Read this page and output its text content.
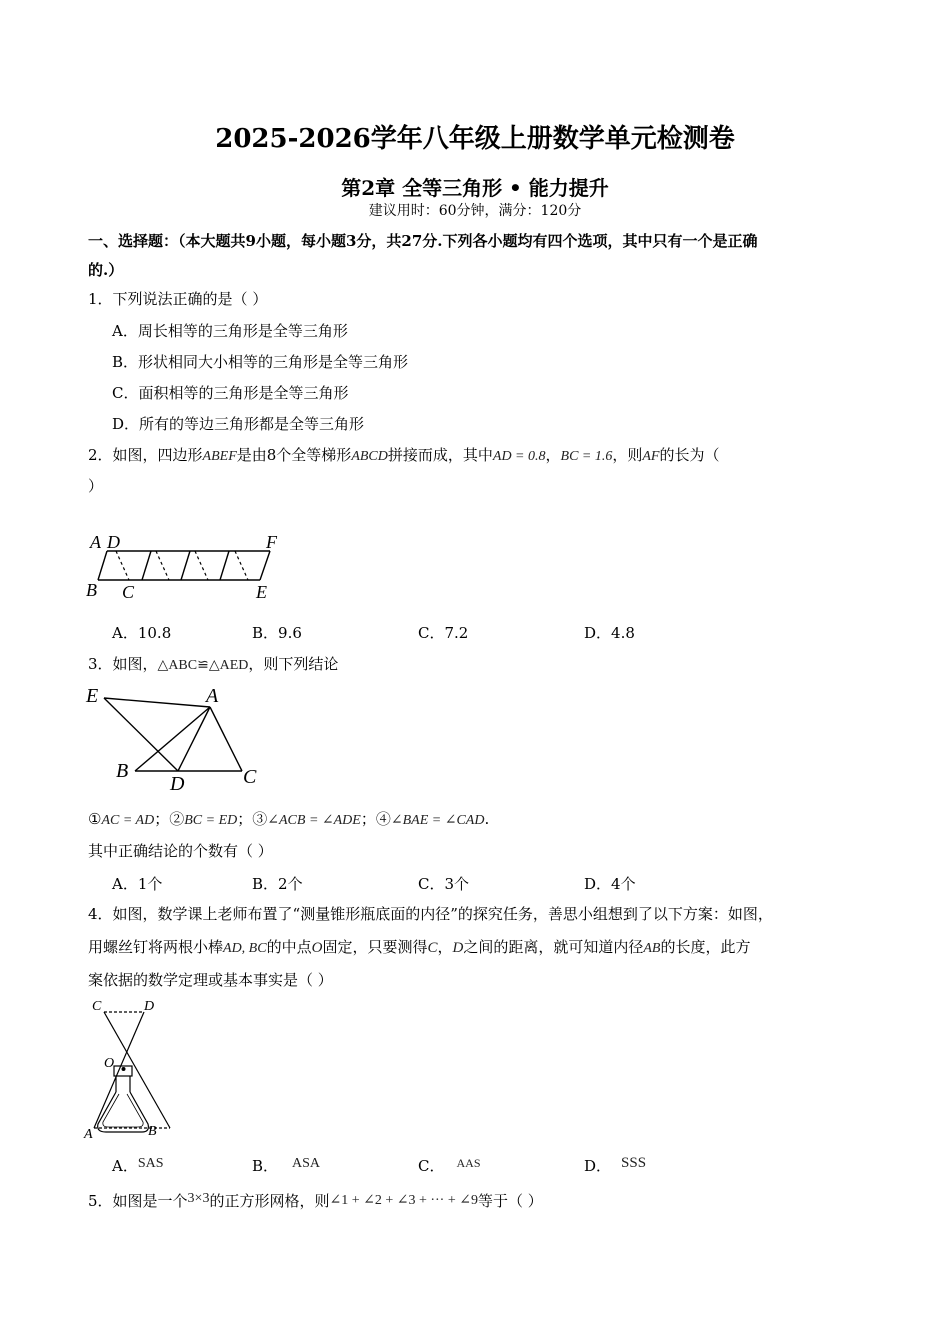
2025-2026学年八年级上册数学单元检测卷
第2章 全等三角形 • 能力提升
建议用时：60分钟，满分：120分
一、选择题：（本大题共9小题，每小题3分，共27分.下列各小题均有四个选项，其中只有一个是正确
的.）
1．下列说法正确的是（ ）
A．周长相等的三角形是全等三角形
B．形状相同大小相等的三角形是全等三角形
C．面积相等的三角形是全等三角形
D．所有的等边三角形都是全等三角形
2．如图，四边形ABEF是由8个全等梯形ABCD拼接而成，其中AD = 0.8，BC = 1.6，则AF的长为（
）
A D	F
B C	E
A．10.8	B．9.6	C．7.2	D．4.8
3．如图，△ABC≌△AED，则下列结论
E	A
B
D	C
①AC = AD；②BC = ED；③∠ACB = ∠ADE；④∠BAE = ∠CAD.
其中正确结论的个数有（ ）
A．1个	B．2个	C．3个	D．4个
4．如图，数学课上老师布置了“测量锥形瓶底面的内径”的探究任务，善思小组想到了以下方案：如图，
用螺丝钉将两根小棒AD, BC的中点O固定，只要测得C，D之间的距离，就可知道内径AB的长度，此方
案依据的数学定理或基本事实是（ ）
C	D
O
A	B
A．SAS	B． ASA	C． $^{AAS}$	D． SSS
5．如图是一个3×3的正方形网格，则∠1 + ∠2 + ∠3 + ··· + ∠9等于（ ）
